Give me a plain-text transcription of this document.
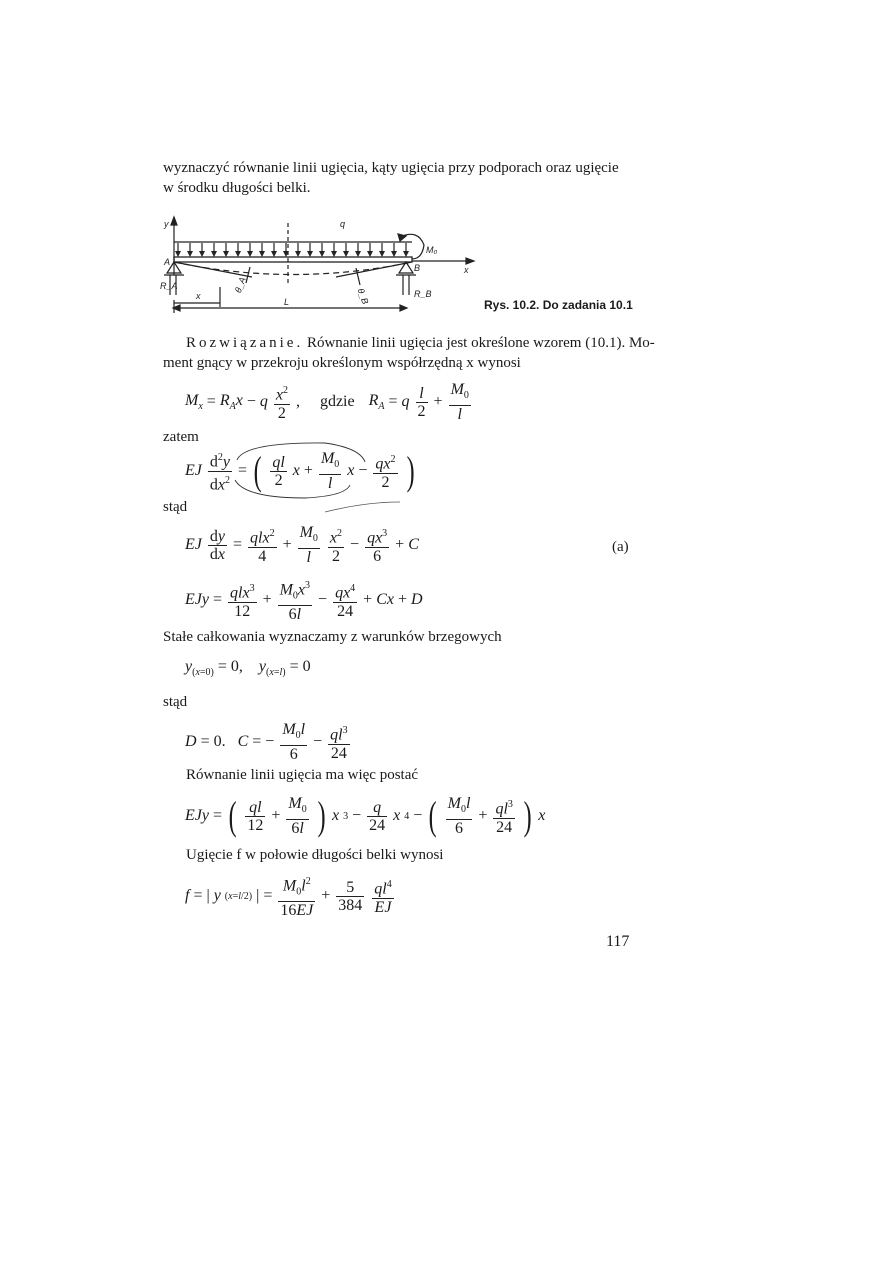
wyznaczyć równanie linii ugięcia, kąty ugięcia przy podporach oraz ugięcie
w środku długości belki.
y	q
M₀
x
A
B
R_A
R_B
θ_A
θ_B
x
L	Rys. 10.2. Do zadania 10.1
Rozwiązanie. Równanie linii ugięcia jest określone wzorem (10.1). Mo-
ment gnący w przekroju określonym współrzędną x wynosi
$M_x = R_Ax - q \frac{x^2}{2}$ , gdzie $R_A = q \frac{l}{2} + \frac{M_0}{l}$
zatem
EJ $\frac{d^2y}{dx^2}$ = ( $\frac{ql}{2}$ $x + \frac{M_0}{l}$ $x - \frac{qx^2}{2}$ )
stąd
EJ $\frac{dy}{dx} = \frac{qlx^2}{4} + \frac{M_0}{l} \frac{x^2}{2} - \frac{qx^3}{6} + C$	(a)
EJy = $\frac{qlx^3}{12} + \frac{M_0x^3}{6l} - \frac{qx^4}{24} + Cx + D$
Stałe całkowania wyznaczamy z warunków brzegowych
$y_{(x=0)} = 0$,    $y_{(x=l)} = 0$
stąd
D = 0. C = − $\frac{M_0l}{6} - \frac{ql^3}{24}$
Równanie linii ugięcia ma więc postać
EJy = ( $\frac{ql}{12} + \frac{M_0}{6l}$ ) x $3 - \frac{q}{24}$ x 4 − ( $\frac{M_0l}{6} + \frac{ql^3}{24}$ ) x
Ugięcie f w połowie długości belki wynosi
f = | y (x=l/2) | = $\frac{M_0l^2}{16EJ} + \frac{5}{384} \frac{ql^4}{EJ}$
117
